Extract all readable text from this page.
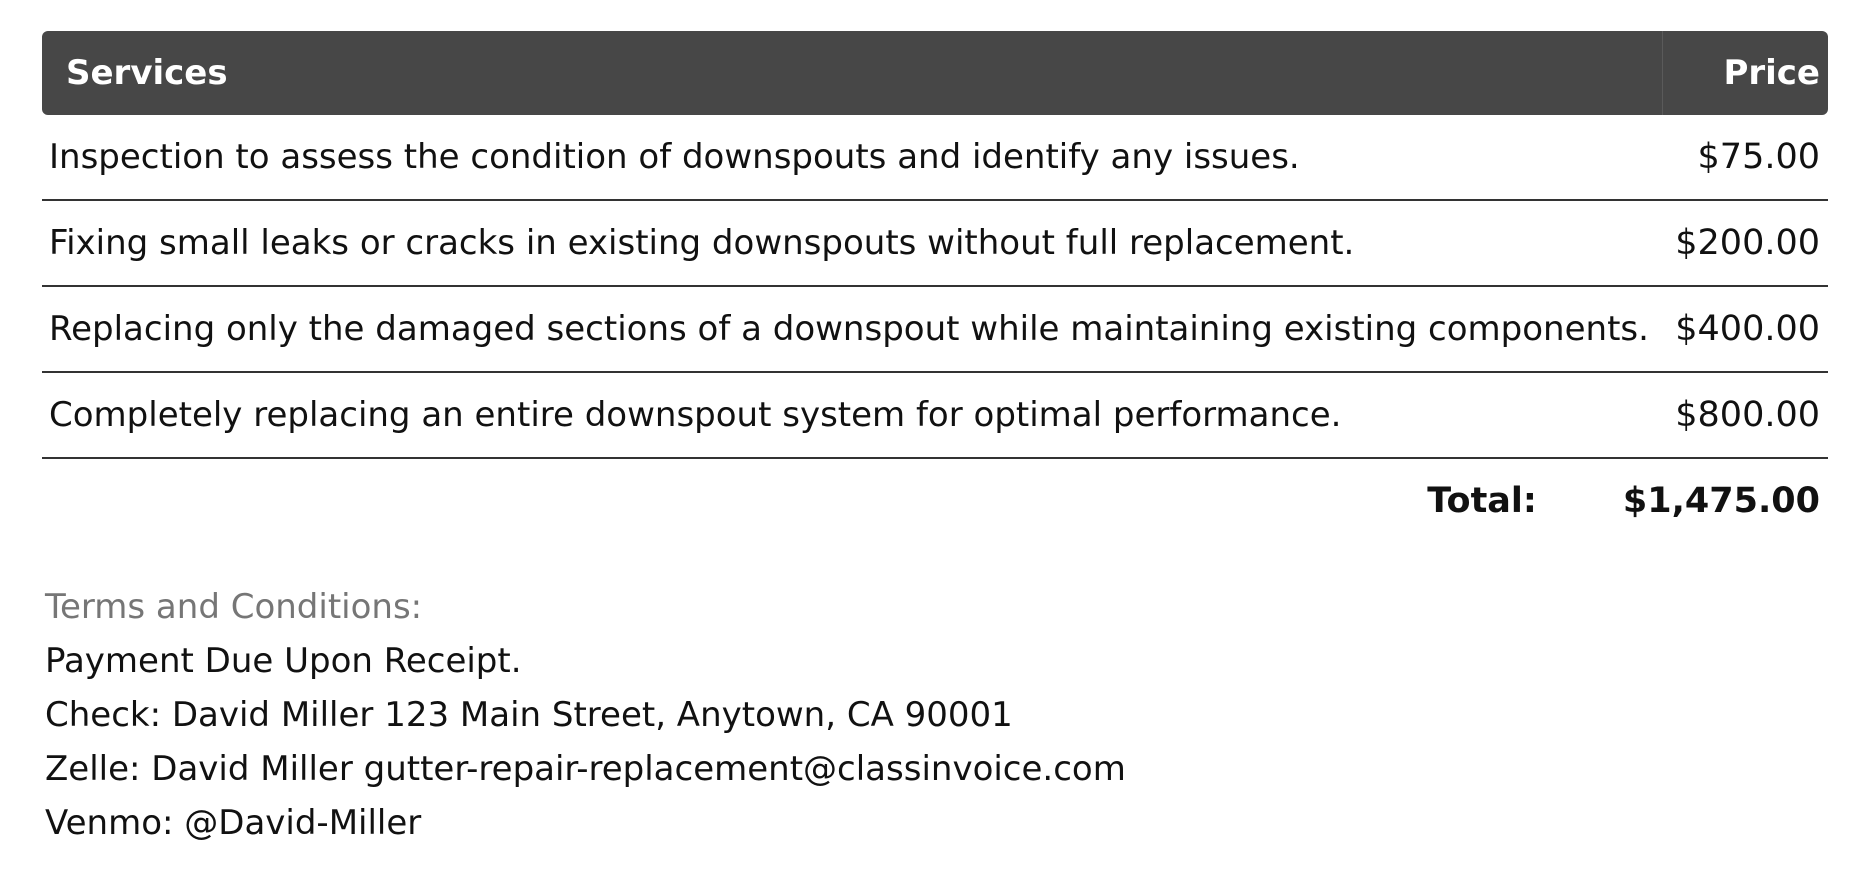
Services	Price
Inspection to assess the condition of downspouts and identify any issues.	$75.00
Fixing small leaks or cracks in existing downspouts without full replacement.	$200.00
Replacing only the damaged sections of a downspout while maintaining existing components. $400.00
Completely replacing an entire downspout system for optimal performance.	$800.00
Total: $1,475.00
Terms and Conditions:
Payment Due Upon Receipt.
Check: David Miller 123 Main Street, Anytown, CA 90001
Zelle: David Miller gutter-repair-replacement@classinvoice.com
Venmo: @David-Miller
